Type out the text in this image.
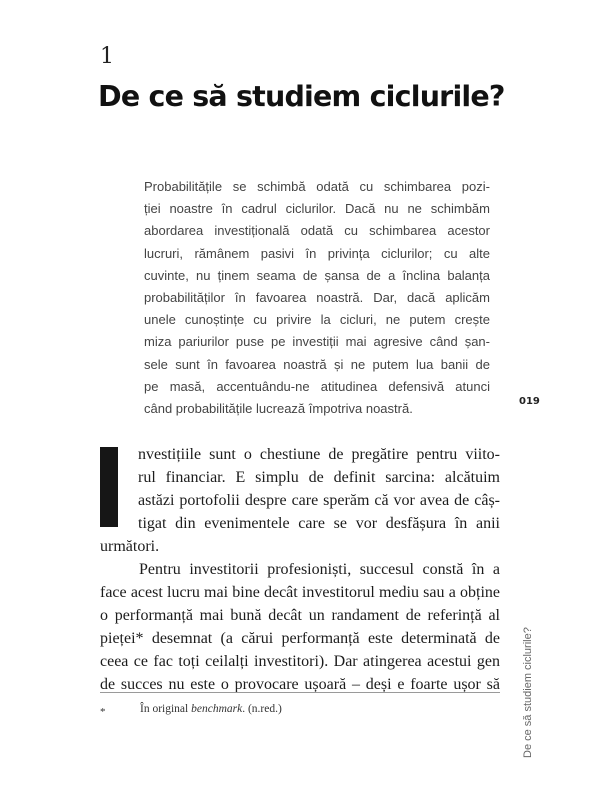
1
De ce să studiem ciclurile?
Probabilitățile se schimbă odată cu schimbarea pozi-
ției noastre în cadrul ciclurilor. Dacă nu ne schimbăm
abordarea investițională odată cu schimbarea acestor
lucruri, rămânem pasivi în privința ciclurilor; cu alte
cuvinte, nu ținem seama de șansa de a înclina balanța
probabilităților în favoarea noastră. Dar, dacă aplicăm
unele cunoștințe cu privire la cicluri, ne putem crește
miza pariurilor puse pe investiții mai agresive când șan-
sele sunt în favoarea noastră și ne putem lua banii de
pe masă, accentuându-ne atitudinea defensivă atunci
când probabilitățile lucrează împotriva noastră.	019
nvestițiile sunt o chestiune de pregătire pentru viito-
rul financiar. E simplu de definit sarcina: alcătuim
astăzi portofolii despre care sperăm că vor avea de câș-
tigat din evenimentele care se vor desfășura în anii
următori.
Pentru investitorii profesioniști, succesul constă în a
face acest lucru mai bine decât investitorul mediu sau a obține
o performanță mai bună decât un randament de referință al
pieței* desemnat (a cărui performanță este determinată de
ceea ce fac toți ceilalți investitori). Dar atingerea acestui gen
de succes nu este o provocare ușoară – deși e foarte ușor să De ce să studiem ciclurile?
*	În original benchmark. (n.red.)
